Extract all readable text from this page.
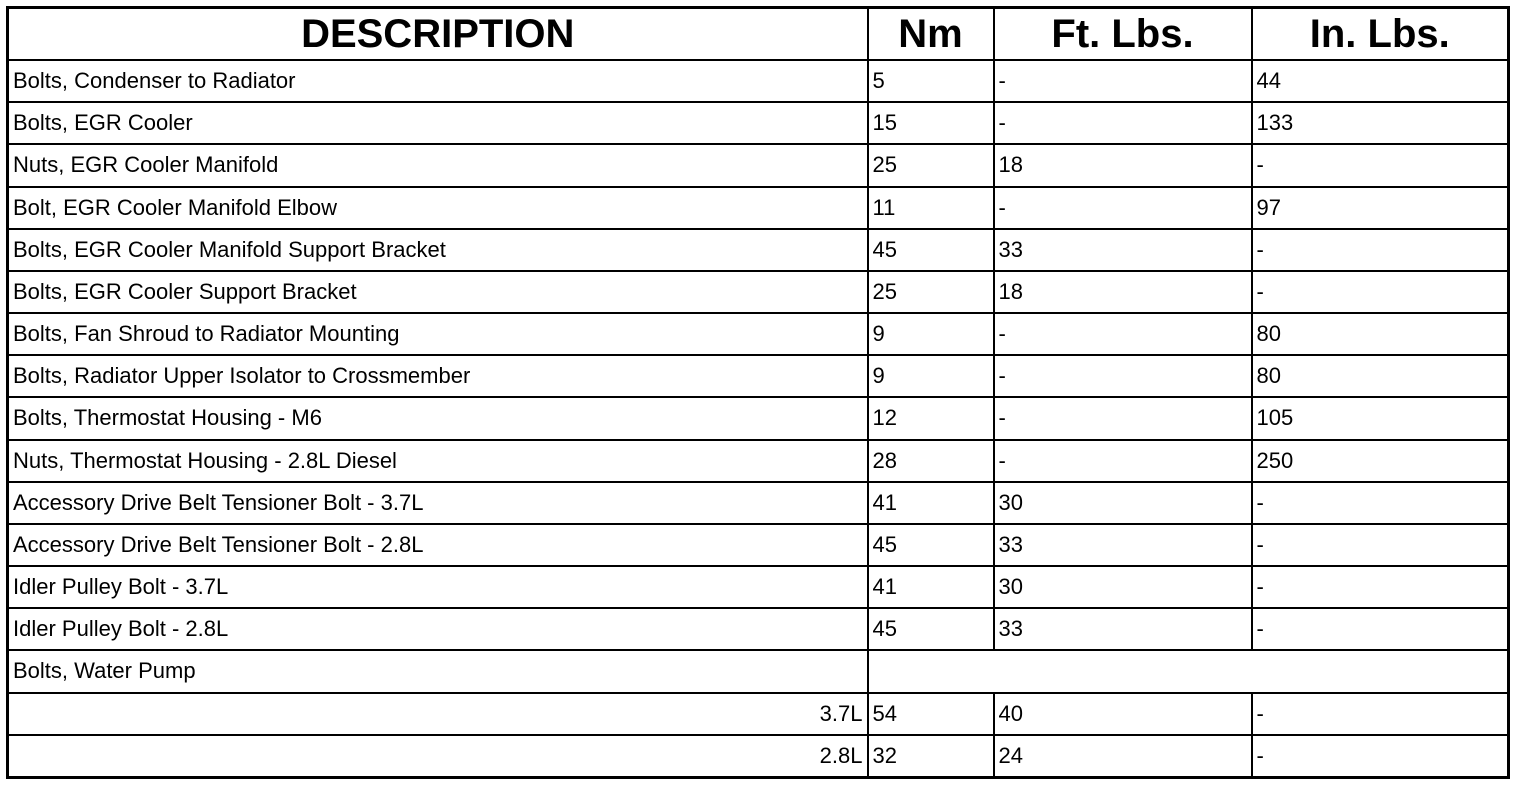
DESCRIPTION	Nm	Ft. Lbs.	In. Lbs.
Bolts, Condenser to Radiator	5	-	44
Bolts, EGR Cooler	15	-	133
Nuts, EGR Cooler Manifold	25	18	-
Bolt, EGR Cooler Manifold Elbow	11	-	97
Bolts, EGR Cooler Manifold Support Bracket	45	33	-
Bolts, EGR Cooler Support Bracket	25	18	-
Bolts, Fan Shroud to Radiator Mounting	9	-	80
Bolts, Radiator Upper Isolator to Crossmember	9	-	80
Bolts, Thermostat Housing - M6	12	-	105
Nuts, Thermostat Housing - 2.8L Diesel	28	-	250
Accessory Drive Belt Tensioner Bolt - 3.7L	41	30	-
Accessory Drive Belt Tensioner Bolt - 2.8L	45	33	-
Idler Pulley Bolt - 3.7L	41	30	-
Idler Pulley Bolt - 2.8L	45	33	-
Bolts, Water Pump			
3.7L	54	40	-
2.8L	32	24	-
